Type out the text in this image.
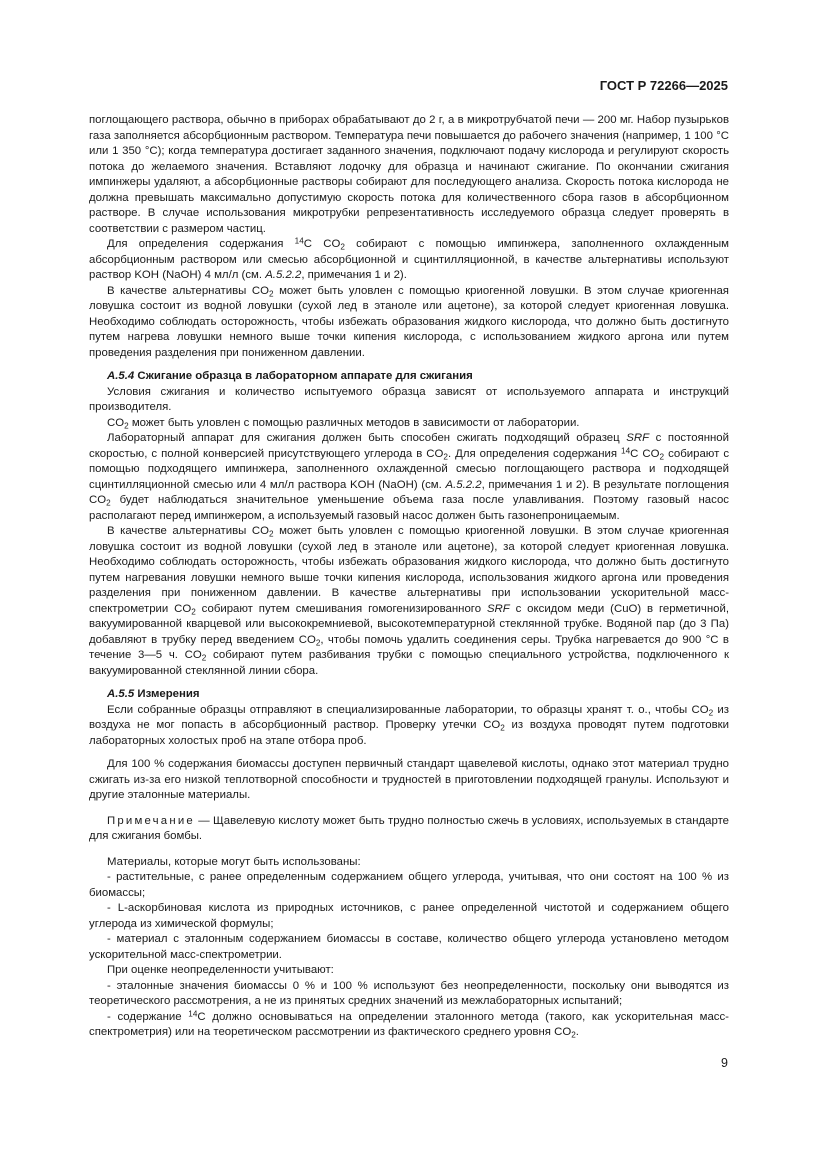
ГОСТ Р 72266—2025

поглощающего раствора, обычно в приборах обрабатывают до 2 г, а в микротрубчатой печи — 200 мг. Набор пузырьков газа заполняется абсорбционным раствором. Температура печи повышается до рабочего значения (например, 1 100 °С или 1 350 °С); когда температура достигает заданного значения, подключают подачу кислорода и регулируют скорость потока до желаемого значения. Вставляют лодочку для образца и начинают сжигание. По окончании сжигания импинжеры удаляют, а абсорбционные растворы собирают для последующего анализа. Скорость потока кислорода не должна превышать максимально допустимую скорость потока для количественного сбора газов в абсорбционном растворе. В случае использования микротрубки репрезентативность исследуемого образца следует проверять в соответствии с размером частиц.

Для определения содержания $^{14}$С $CO_2$ собирают с помощью импинжера, заполненного охлажденным абсорбционным раствором или смесью абсорбционной и сцинтилляционной, в качестве альтернативы используют раствор KOH (NaOH) 4 мл/л (см. A.5.2.2, примечания 1 и 2).

В качестве альтернативы $CO_2$ может быть уловлен с помощью криогенной ловушки. В этом случае криогенная ловушка состоит из водной ловушки (сухой лед в этаноле или ацетоне), за которой следует криогенная ловушка. Необходимо соблюдать осторожность, чтобы избежать образования жидкого кислорода, что должно быть достигнуто путем нагрева ловушки немного выше точки кипения кислорода, с использованием жидкого аргона или путем проведения разделения при пониженном давлении.

A.5.4 Сжигание образца в лабораторном аппарате для сжигания

Условия сжигания и количество испытуемого образца зависят от используемого аппарата и инструкций производителя.

$CO_2$ может быть уловлен с помощью различных методов в зависимости от лаборатории.

Лабораторный аппарат для сжигания должен быть способен сжигать подходящий образец SRF с постоянной скоростью, с полной конверсией присутствующего углерода в $CO_2$. Для определения содержания $^{14}$С $CO_2$ собирают с помощью подходящего импинжера, заполненного охлажденной смесью поглощающего раствора и подходящей сцинтилляционной смесью или 4 мл/л раствора KOH (NaOH) (см. A.5.2.2, примечания 1 и 2). В результате поглощения $CO_2$ будет наблюдаться значительное уменьшение объема газа после улавливания. Поэтому газовый насос располагают перед импинжером, а используемый газовый насос должен быть газонепроницаемым.

В качестве альтернативы $CO_2$ может быть уловлен с помощью криогенной ловушки. В этом случае криогенная ловушка состоит из водной ловушки (сухой лед в этаноле или ацетоне), за которой следует криогенная ловушка. Необходимо соблюдать осторожность, чтобы избежать образования жидкого кислорода, что должно быть достигнуто путем нагревания ловушки немного выше точки кипения кислорода, использования жидкого аргона или проведения разделения при пониженном давлении. В качестве альтернативы при использовании ускорительной масс-спектрометрии $CO_2$ собирают путем смешивания гомогенизированного SRF с оксидом меди (CuO) в герметичной, вакуумированной кварцевой или высококремниевой, высокотемпературной стеклянной трубке. Водяной пар (до 3 Па) добавляют в трубку перед введением $CO_2$, чтобы помочь удалить соединения серы. Трубка нагревается до 900 °С в течение 3—5 ч. $CO_2$ собирают путем разбивания трубки с помощью специального устройства, подключенного к вакуумированной стеклянной линии сбора.

A.5.5 Измерения

Если собранные образцы отправляют в специализированные лаборатории, то образцы хранят т. о., чтобы $CO_2$ из воздуха не мог попасть в абсорбционный раствор. Проверку утечки $CO_2$ из воздуха проводят путем подготовки лабораторных холостых проб на этапе отбора проб.

Для 100 % содержания биомассы доступен первичный стандарт щавелевой кислоты, однако этот материал трудно сжигать из-за его низкой теплотворной способности и трудностей в приготовлении подходящей гранулы. Используют и другие эталонные материалы.

Примечание — Щавелевую кислоту может быть трудно полностью сжечь в условиях, используемых в стандарте для сжигания бомбы.

Материалы, которые могут быть использованы:

- растительные, с ранее определенным содержанием общего углерода, учитывая, что они состоят на 100 % из биомассы;

- L-аскорбиновая кислота из природных источников, с ранее определенной чистотой и содержанием общего углерода из химической формулы;

- материал с эталонным содержанием биомассы в составе, количество общего углерода установлено методом ускорительной масс-спектрометрии.

При оценке неопределенности учитывают:

- эталонные значения биомассы 0 % и 100 % используют без неопределенности, поскольку они выводятся из теоретического рассмотрения, а не из принятых средних значений из межлабораторных испытаний;

- содержание $^{14}$С должно основываться на определении эталонного метода (такого, как ускорительная масс-спектрометрия) или на теоретическом рассмотрении из фактического среднего уровня $CO_2$.

9
